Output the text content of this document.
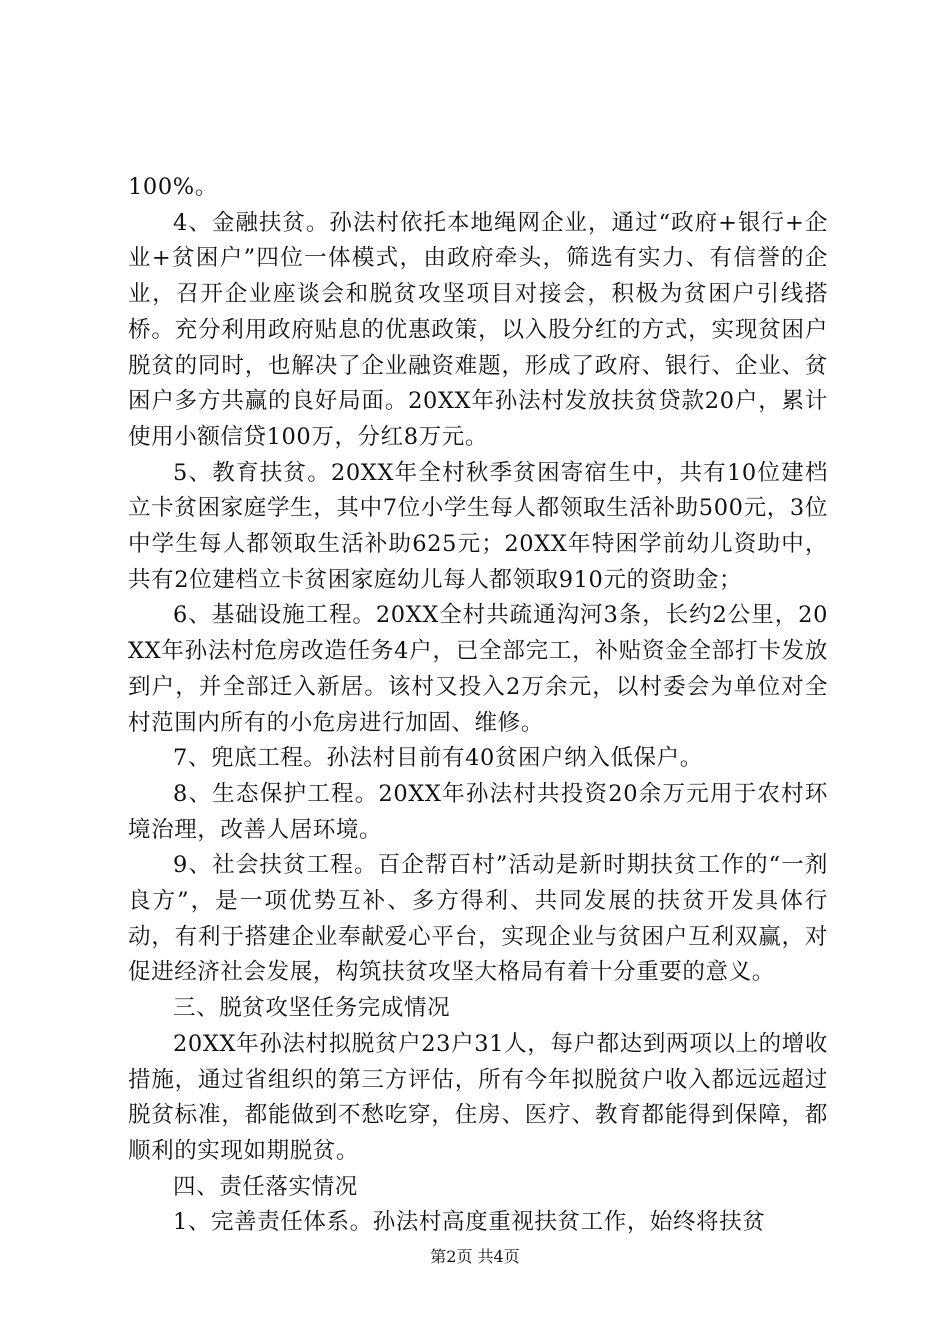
100%。

4、金融扶贫。孙法村依托本地绳网企业，通过“政府+银行+企业+贫困户”四位一体模式，由政府牵头，筛选有实力、有信誉的企业，召开企业座谈会和脱贫攻坚项目对接会，积极为贫困户引线搭桥。充分利用政府贴息的优惠政策，以入股分红的方式，实现贫困户脱贫的同时，也解决了企业融资难题，形成了政府、银行、企业、贫困户多方共赢的良好局面。20XX年孙法村发放扶贫贷款20户，累计使用小额信贷100万，分红8万元。

5、教育扶贫。20XX年全村秋季贫困寄宿生中，共有10位建档立卡贫困家庭学生，其中7位小学生每人都领取生活补助500元，3位中学生每人都领取生活补助625元；20XX年特困学前幼儿资助中，共有2位建档立卡贫困家庭幼儿每人都领取910元的资助金；

6、基础设施工程。20XX全村共疏通沟河3条，长约2公里，20XX年孙法村危房改造任务4户，已全部完工，补贴资金全部打卡发放到户，并全部迁入新居。该村又投入2万余元，以村委会为单位对全村范围内所有的小危房进行加固、维修。

7、兜底工程。孙法村目前有40贫困户纳入低保户。

8、生态保护工程。20XX年孙法村共投资20余万元用于农村环境治理，改善人居环境。

9、社会扶贫工程。百企帮百村”活动是新时期扶贫工作的“一剂良方”，是一项优势互补、多方得利、共同发展的扶贫开发具体行动，有利于搭建企业奉献爱心平台，实现企业与贫困户互利双赢，对促进经济社会发展，构筑扶贫攻坚大格局有着十分重要的意义。

三、脱贫攻坚任务完成情况

20XX年孙法村拟脱贫户23户31人，每户都达到两项以上的增收措施，通过省组织的第三方评估，所有今年拟脱贫户收入都远远超过脱贫标准，都能做到不愁吃穿，住房、医疗、教育都能得到保障，都顺利的实现如期脱贫。

四、责任落实情况

1、完善责任体系。孙法村高度重视扶贫工作，始终将扶贫

第2页 共4页
